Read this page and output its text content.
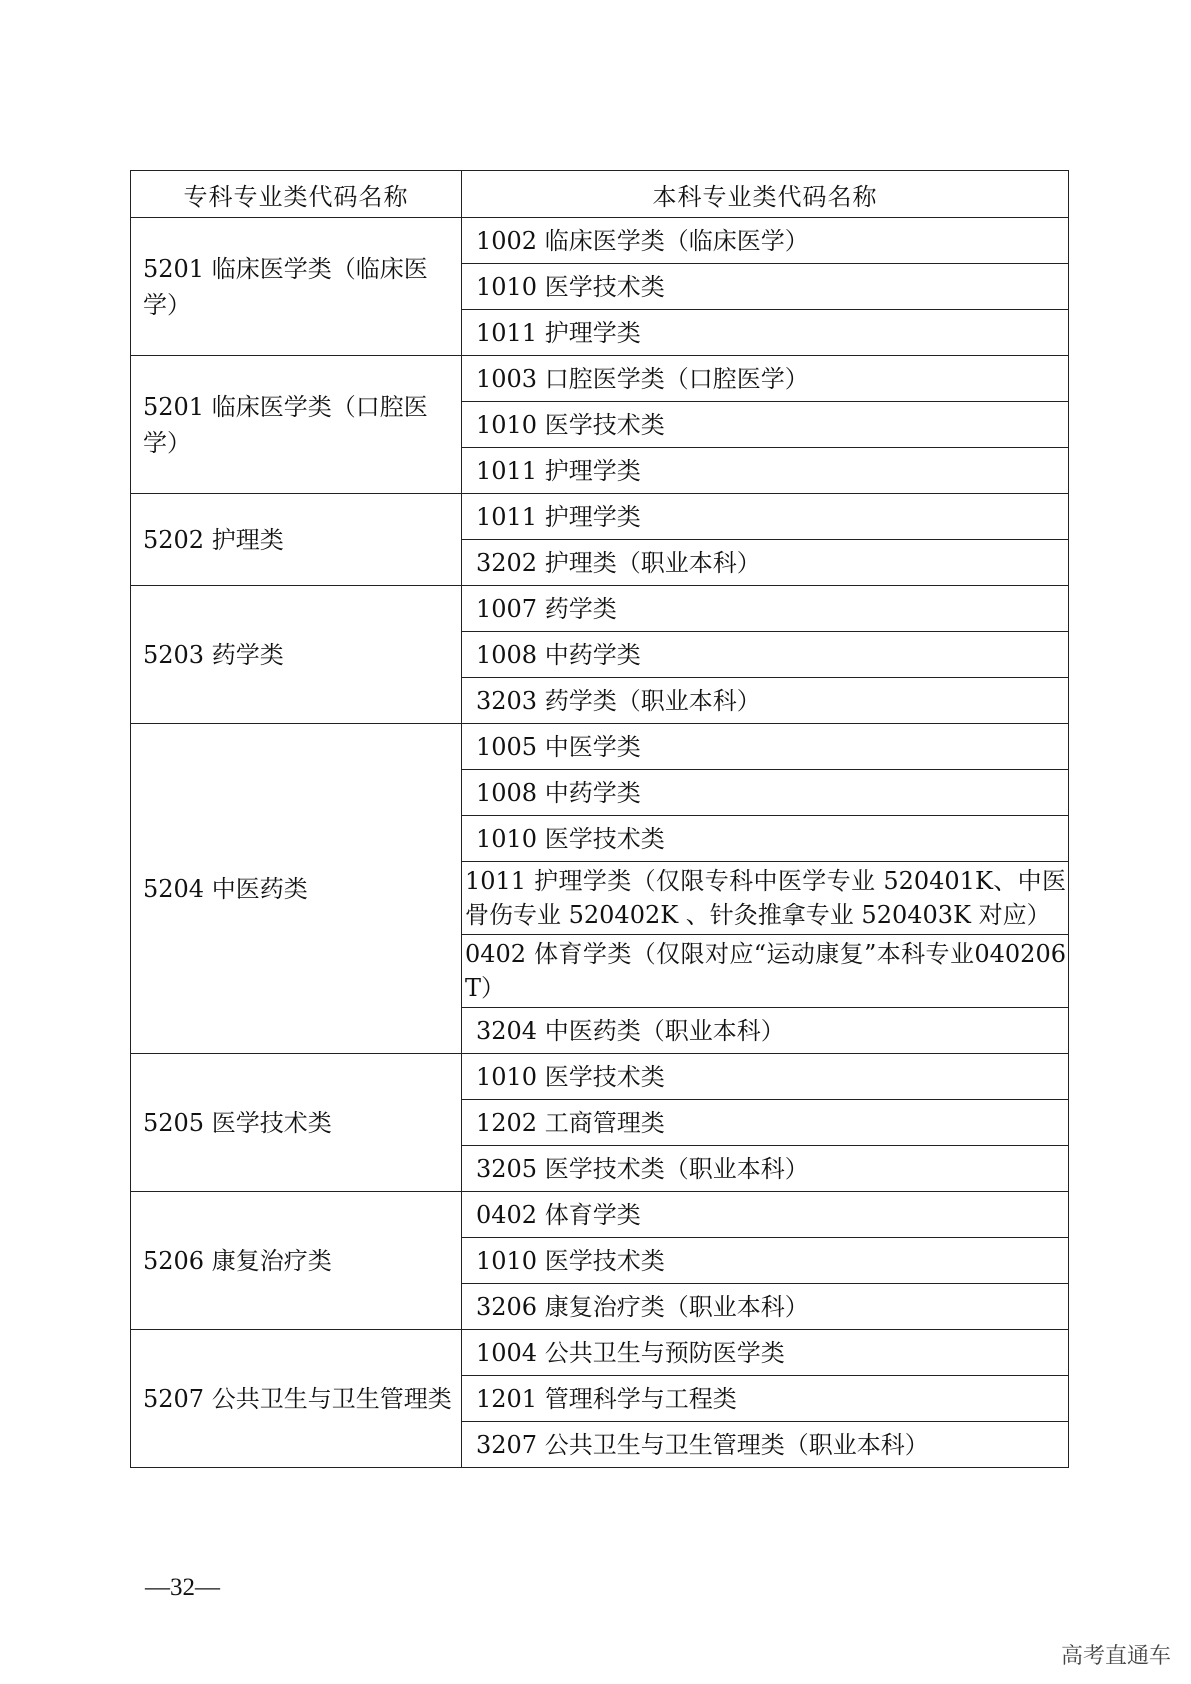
专科专业类代码名称	本科专业类代码名称
5201 临床医学类（临床医学）	1002 临床医学类（临床医学）
	1010 医学技术类
	1011 护理学类
5201 临床医学类（口腔医学）	1003 口腔医学类（口腔医学）
	1010 医学技术类
	1011 护理学类
5202 护理类	1011 护理学类
	3202 护理类（职业本科）
5203 药学类	1007 药学类
	1008 中药学类
	3203 药学类（职业本科）
5204 中医药类	1005 中医学类
	1008 中药学类
	1010 医学技术类
	1011 护理学类（仅限专科中医学专业 520401K、中医骨伤专业 520402K 、针灸推拿专业 520403K 对应）
	0402 体育学类（仅限对应“运动康复”本科专业040206T）
	3204 中医药类（职业本科）
5205 医学技术类	1010 医学技术类
	1202 工商管理类
	3205 医学技术类（职业本科）
5206 康复治疗类	0402 体育学类
	1010 医学技术类
	3206 康复治疗类（职业本科）
5207 公共卫生与卫生管理类	1004 公共卫生与预防医学类
	1201 管理科学与工程类
	3207 公共卫生与卫生管理类（职业本科）
—32—
高考直通车
